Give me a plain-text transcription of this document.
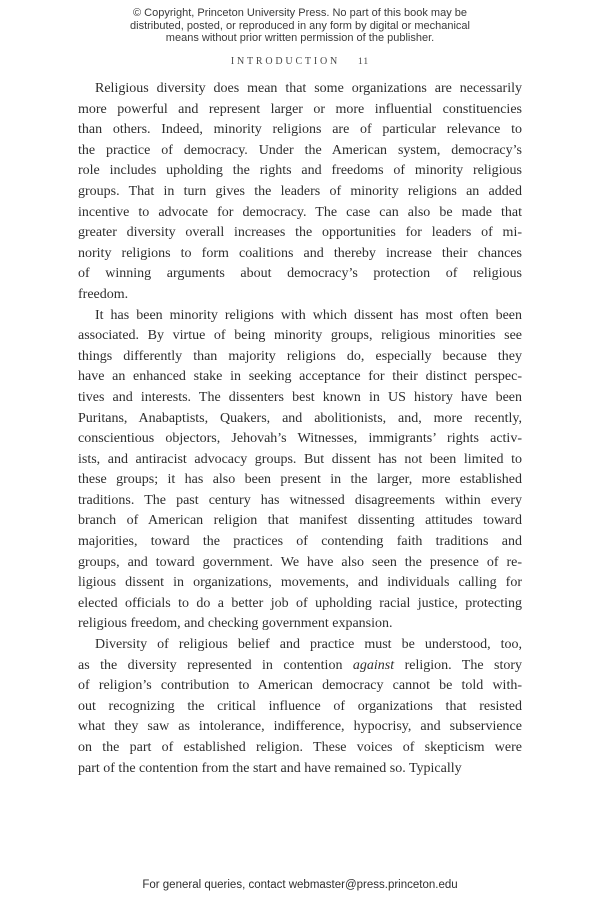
© Copyright, Princeton University Press. No part of this book may be
distributed, posted, or reproduced in any form by digital or mechanical
means without prior written permission of the publisher.
INTRODUCTION 11
Religious diversity does mean that some organizations are necessarily
more powerful and represent larger or more influential constituencies
than others. Indeed, minority religions are of particular relevance to
the practice of democracy. Under the American system, democracy’s
role includes upholding the rights and freedoms of minority religious
groups. That in turn gives the leaders of minority religions an added
incentive to advocate for democracy. The case can also be made that
greater diversity overall increases the opportunities for leaders of mi-
nority religions to form coalitions and thereby increase their chances
of winning arguments about democracy’s protection of religious
freedom.
It has been minority religions with which dissent has most often been
associated. By virtue of being minority groups, religious minorities see
things differently than majority religions do, especially because they
have an enhanced stake in seeking acceptance for their distinct perspec-
tives and interests. The dissenters best known in US history have been
Puritans, Anabaptists, Quakers, and abolitionists, and, more recently,
conscientious objectors, Jehovah’s Witnesses, immigrants’ rights activ-
ists, and antiracist advocacy groups. But dissent has not been limited to
these groups; it has also been present in the larger, more established
traditions. The past century has witnessed disagreements within every
branch of American religion that manifest dissenting attitudes toward
majorities, toward the practices of contending faith traditions and
groups, and toward government. We have also seen the presence of re-
ligious dissent in organizations, movements, and individuals calling for
elected officials to do a better job of upholding racial justice, protecting
religious freedom, and checking government expansion.
Diversity of religious belief and practice must be understood, too,
as the diversity represented in contention against religion. The story
of religion’s contribution to American democracy cannot be told with-
out recognizing the critical influence of organizations that resisted
what they saw as intolerance, indifference, hypocrisy, and subservience
on the part of established religion. These voices of skepticism were
part of the contention from the start and have remained so. Typically
For general queries, contact webmaster@press.princeton.edu
